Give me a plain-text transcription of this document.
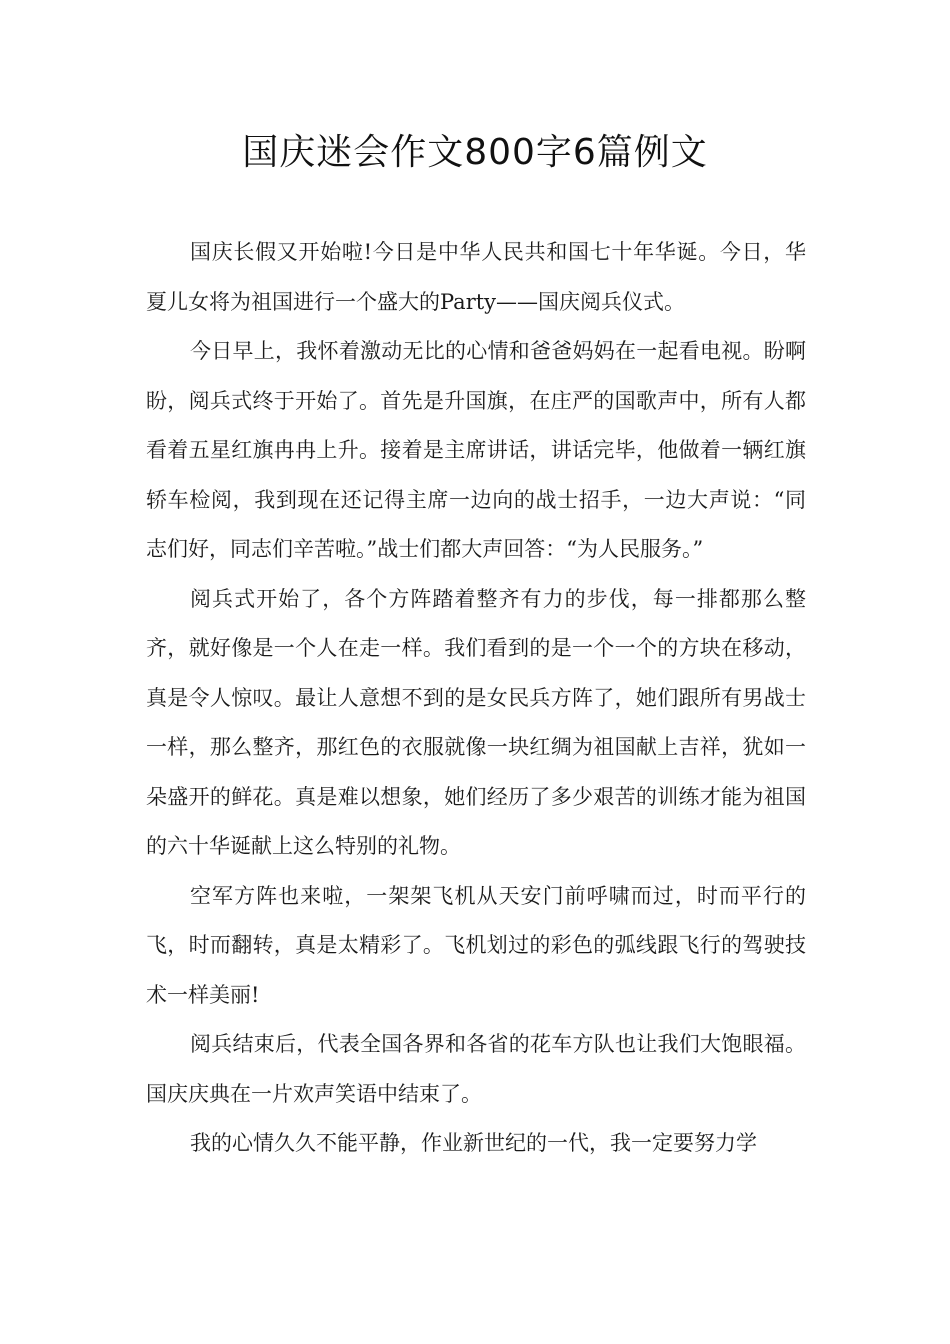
国庆迷会作文800字6篇例文

国庆长假又开始啦!今日是中华人民共和国七十年华诞。今日，华夏儿女将为祖国进行一个盛大的Party——国庆阅兵仪式。

今日早上，我怀着激动无比的心情和爸爸妈妈在一起看电视。盼啊盼，阅兵式终于开始了。首先是升国旗，在庄严的国歌声中，所有人都看着五星红旗冉冉上升。接着是主席讲话，讲话完毕，他做着一辆红旗轿车检阅，我到现在还记得主席一边向的战士招手，一边大声说：“同志们好，同志们辛苦啦。”战士们都大声回答：“为人民服务。”

阅兵式开始了，各个方阵踏着整齐有力的步伐，每一排都那么整齐，就好像是一个人在走一样。我们看到的是一个一个的方块在移动，真是令人惊叹。最让人意想不到的是女民兵方阵了，她们跟所有男战士一样，那么整齐，那红色的衣服就像一块红绸为祖国献上吉祥，犹如一朵盛开的鲜花。真是难以想象，她们经历了多少艰苦的训练才能为祖国的六十华诞献上这么特别的礼物。

空军方阵也来啦，一架架飞机从天安门前呼啸而过，时而平行的飞，时而翻转，真是太精彩了。飞机划过的彩色的弧线跟飞行的驾驶技术一样美丽!

阅兵结束后，代表全国各界和各省的花车方队也让我们大饱眼福。国庆庆典在一片欢声笑语中结束了。

我的心情久久不能平静，作业新世纪的一代，我一定要努力学
